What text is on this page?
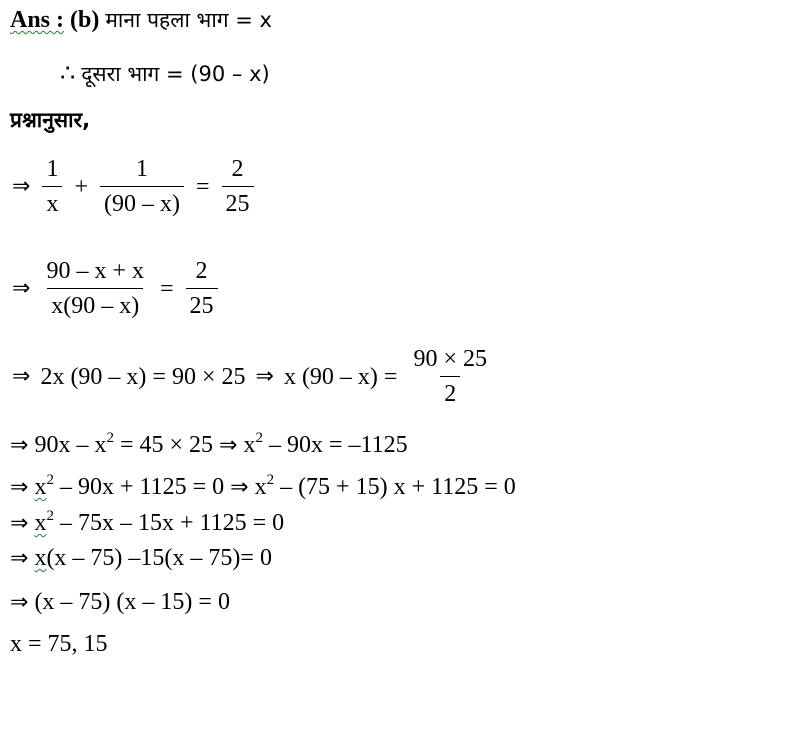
Ans : (b) माना पहला भाग = x
∴ दूसरा भाग = (90 – x)
प्रश्नानुसार,
⇒ $\frac{1}{x} + \frac{1}{(90 - x)} = \frac{2}{25}$
⇒ $\frac{90 - x + x}{x(90 - x)} = \frac{2}{25}$
⇒ 2x (90 – x) = 90 × 25 ⇒ x $(90 - x) = \frac{90 \times 25}{2}$
⇒ $90x - x^2 = 45 \times 25$ ⇒ $x^2 - 90x = -1125$
⇒ $x^2 - 90x + 1125 = 0$ ⇒ $x^2 - (75 + 15) x + 1125 = 0$
⇒ $x^2 - 75x - 15x + 1125 = 0$
⇒ x(x – 75) –15(x – 75)= 0
⇒ (x – 75) (x – 15) = 0
x = 75, 15
